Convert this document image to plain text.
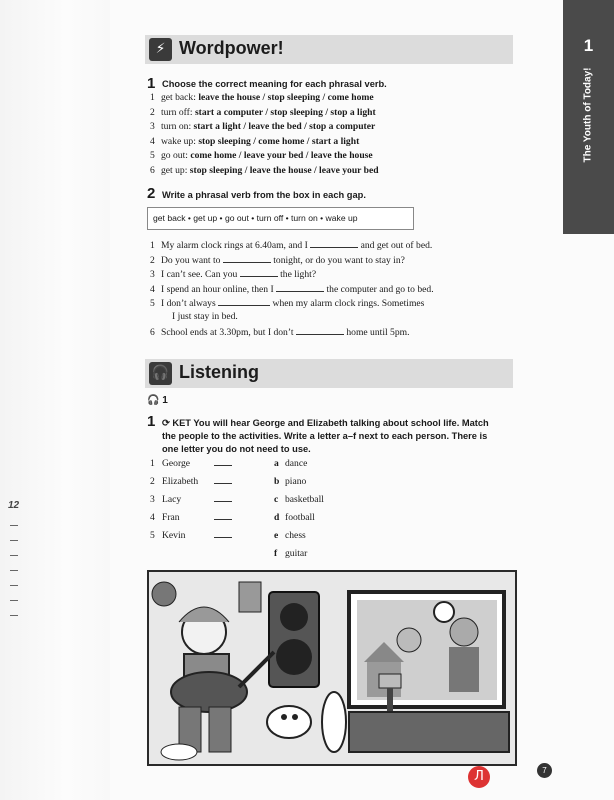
12
1
The Youth of Today!
⚡ Wordpower!
1 Choose the correct meaning for each phrasal verb.
1 get back: leave the house / stop sleeping / come home
2 turn off: start a computer / stop sleeping / stop a light
3 turn on: start a light / leave the bed / stop a computer
4 wake up: stop sleeping / come home / start a light
5 go out: come home / leave your bed / leave the house
6 get up: stop sleeping / leave the house / leave your bed
2 Write a phrasal verb from the box in each gap.
get back • get up • go out • turn off • turn on • wake up
1 My alarm clock rings at 6.40am, and I	and get out of bed.
2 Do you want to	tonight, or do you want to stay in?
3 I can’t see. Can you	the light?
4 I spend an hour online, then I	the computer and go to bed.
5 I don’t always	when my alarm clock rings. Sometimes
I just stay in bed.
6 School ends at 3.30pm, but I don’t	home until 5pm.
🎧 Listening
🎧 1
1 ⟳ KET You will hear George and Elizabeth talking about school life. Match
the people to the activities. Write a letter a–f next to each person. There is
one letter you do not need to use.
1 George
2 Elizabeth
3 Lacy
4 Fran
5 Kevin
a dance
b piano
c basketball
d football
e chess
f guitar
Л	7
